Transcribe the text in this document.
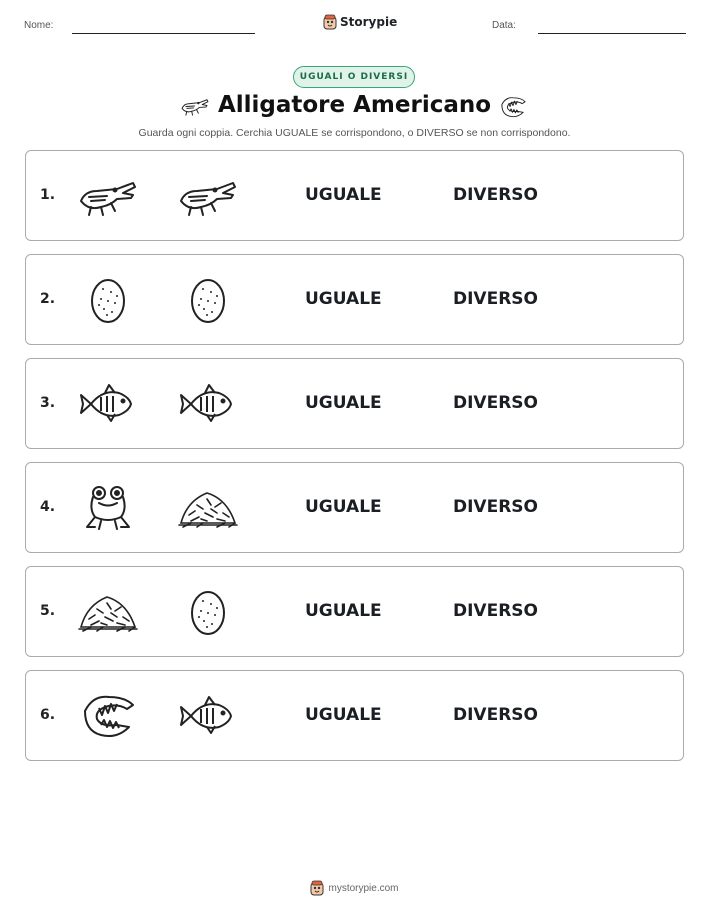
Nome:	Storypie	Data:
UGUALI O DIVERSI
Alligatore Americano
Guarda ogni coppia. Cerchia UGUALE se corrispondono, o DIVERSO se non corrispondono.
1.	UGUALE	DIVERSO
2.	UGUALE	DIVERSO
3.	UGUALE	DIVERSO
4.	UGUALE	DIVERSO
5.	UGUALE	DIVERSO
6.	UGUALE	DIVERSO
mystorypie.com
